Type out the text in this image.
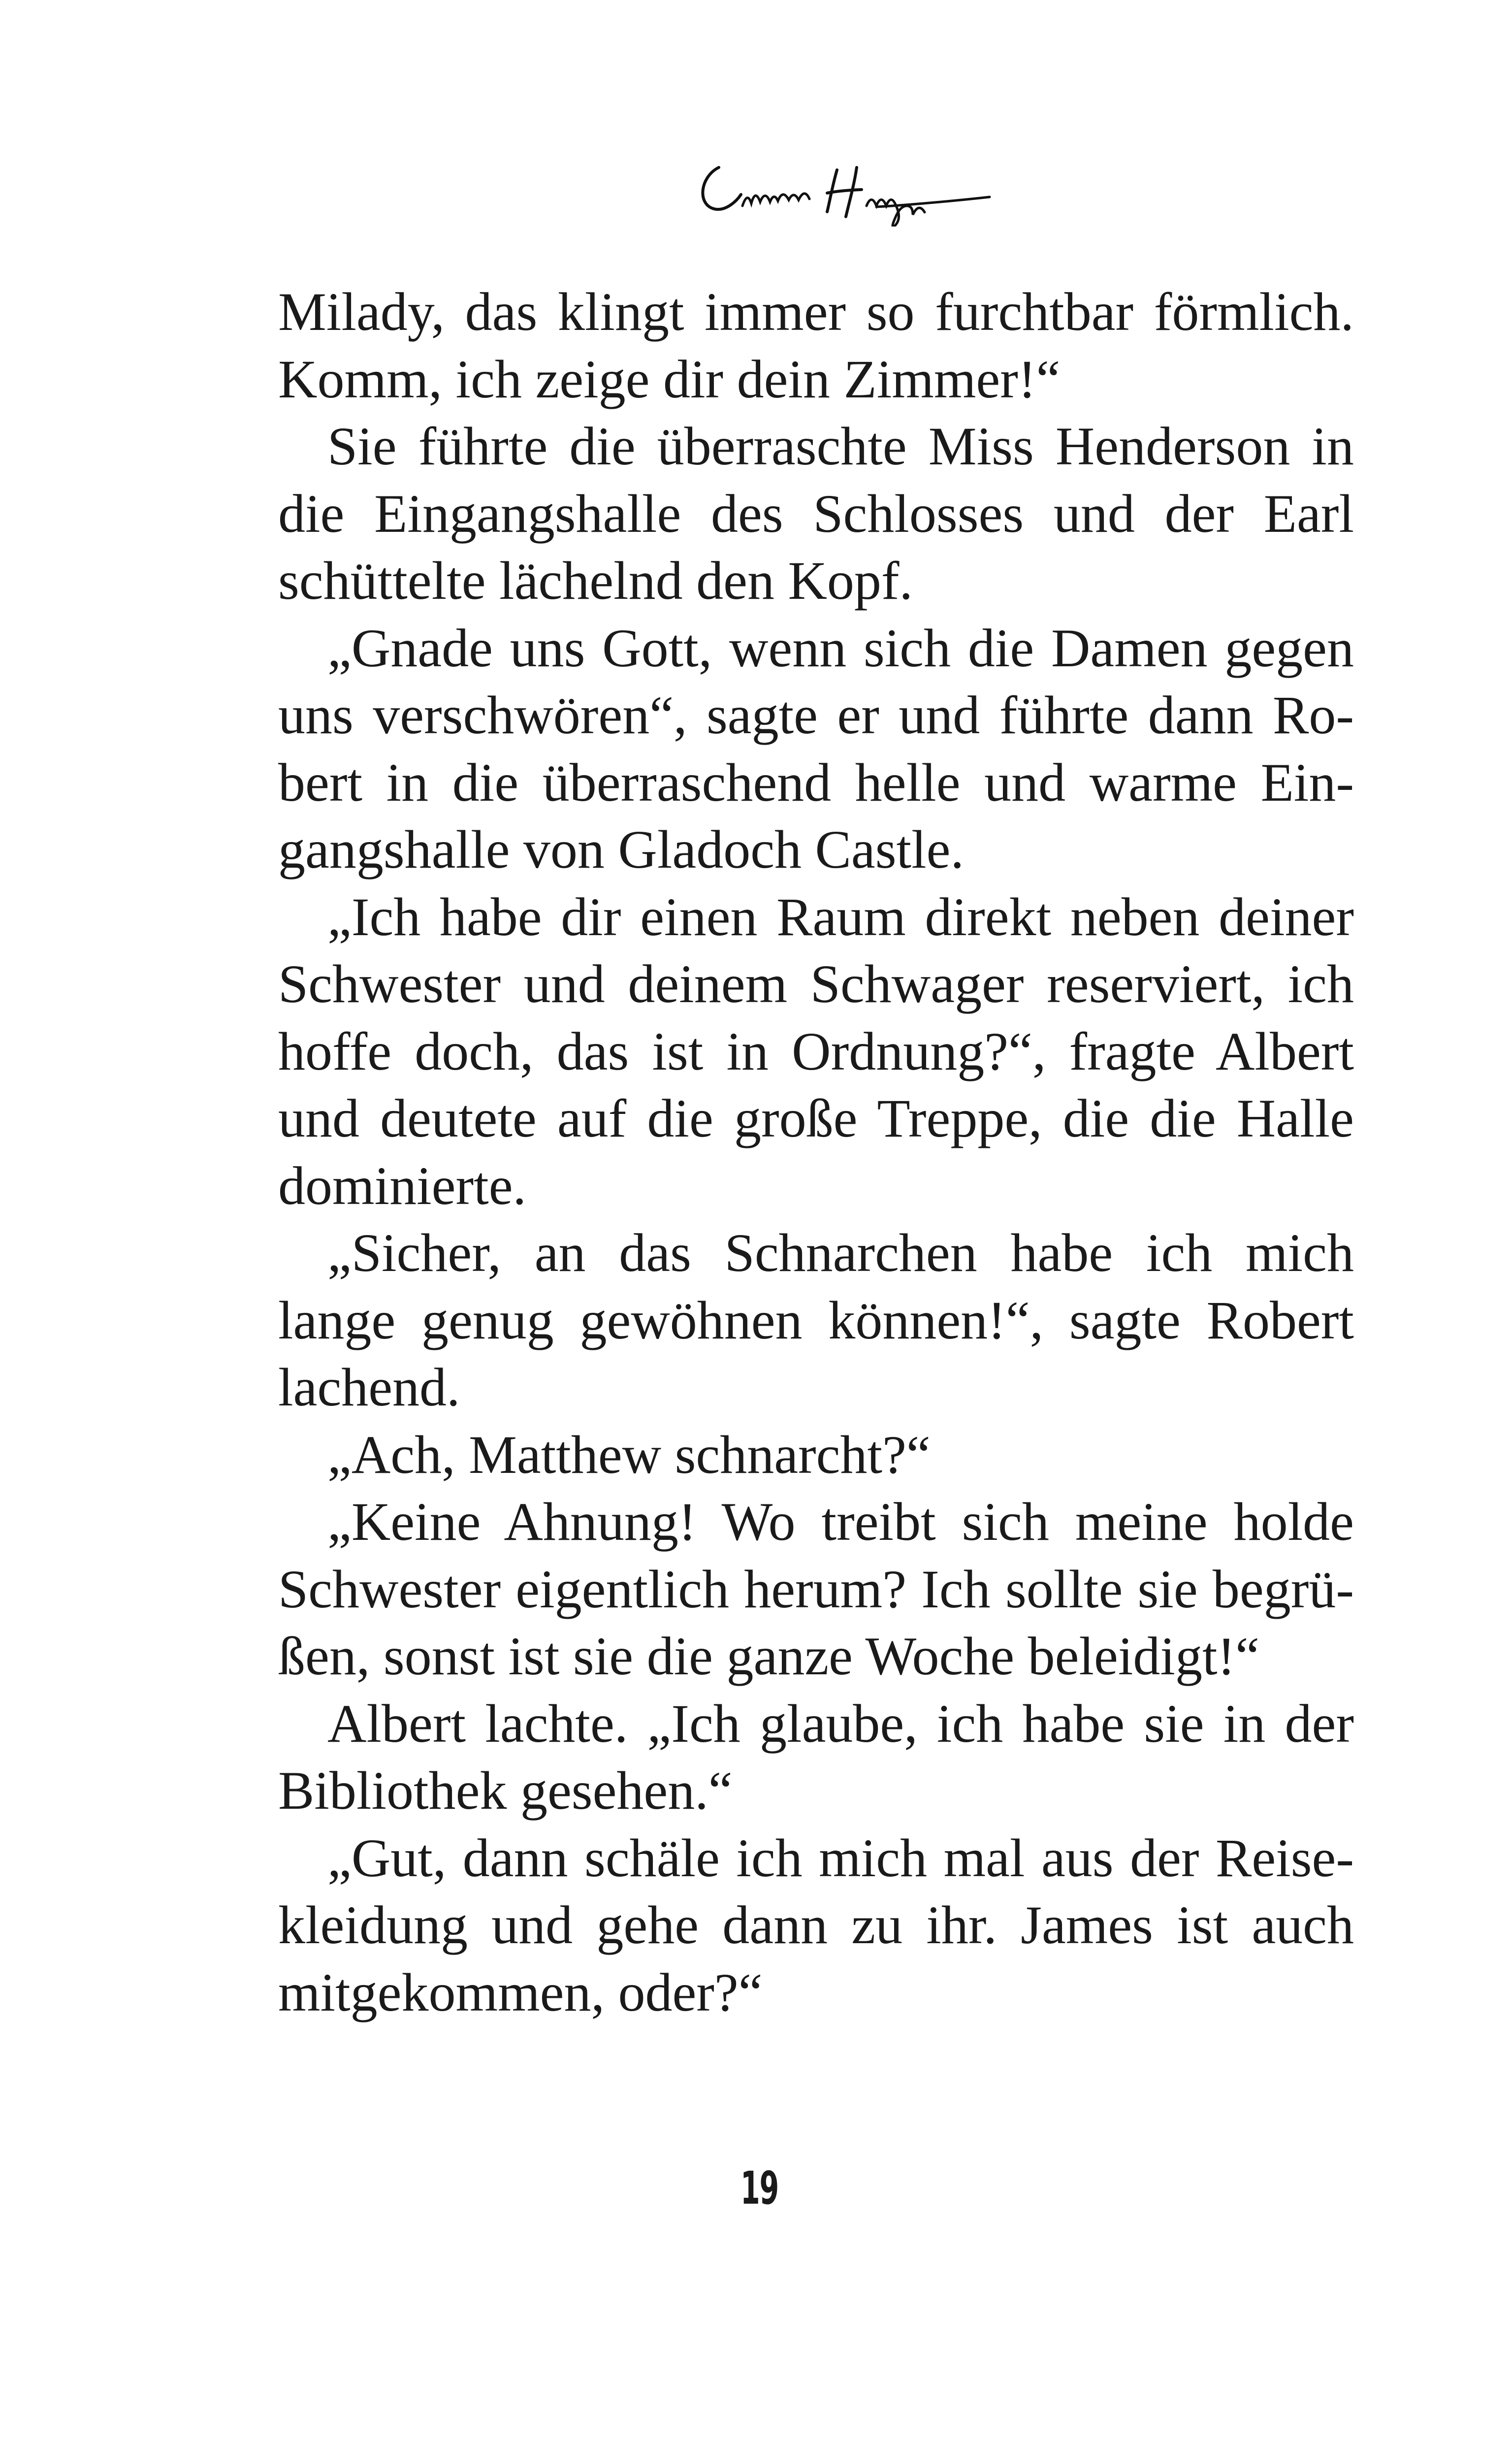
Milady, das klingt immer so furchtbar förmlich. Komm, ich zeige dir dein Zimmer!“

Sie führte die überraschte Miss Henderson in die Eingangshalle des Schlosses und der Earl schüttelte lächelnd den Kopf.

„Gnade uns Gott, wenn sich die Damen gegen uns verschwören“, sagte er und führte dann Robert in die überraschend helle und warme Eingangshalle von Gladoch Castle.

„Ich habe dir einen Raum direkt neben deiner Schwester und deinem Schwager reserviert, ich hoffe doch, das ist in Ordnung?“, fragte Albert und deutete auf die große Treppe, die die Halle dominierte.

„Sicher, an das Schnarchen habe ich mich lange genug gewöhnen können!“, sagte Robert lachend.

„Ach, Matthew schnarcht?“

„Keine Ahnung! Wo treibt sich meine holde Schwester eigentlich herum? Ich sollte sie begrüßen, sonst ist sie die ganze Woche beleidigt!“

Albert lachte. „Ich glaube, ich habe sie in der Bibliothek gesehen.“

„Gut, dann schäle ich mich mal aus der Reisekleidung und gehe dann zu ihr. James ist auch mitgekommen, oder?“

19
